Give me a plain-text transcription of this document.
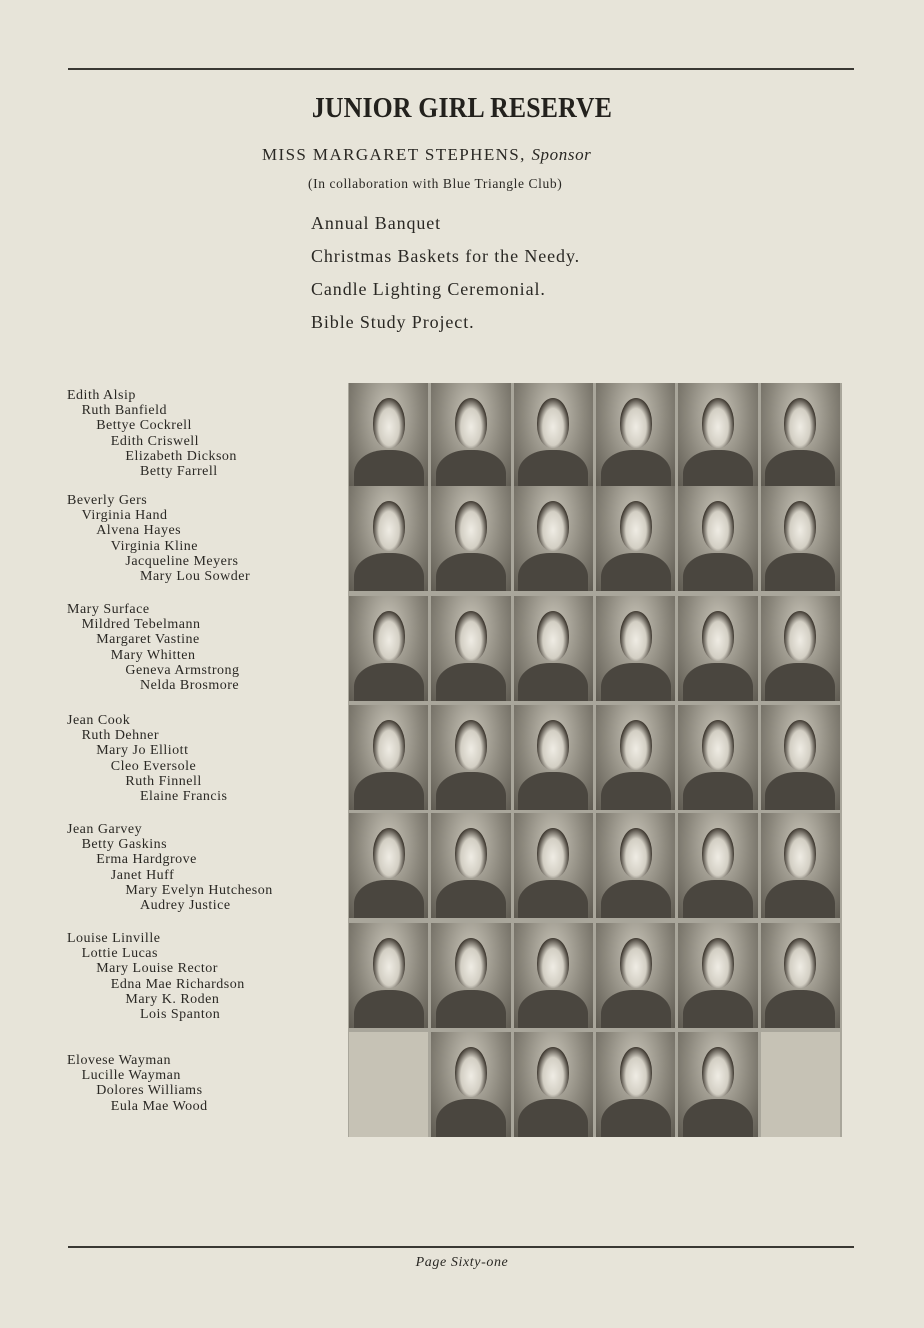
JUNIOR GIRL RESERVE
MISS MARGARET STEPHENS, Sponsor
(In collaboration with Blue Triangle Club)
Annual Banquet
Christmas Baskets for the Needy.
Candle Lighting Ceremonial.
Bible Study Project.
Edith Alsip
Ruth Banfield
Bettye Cockrell
Edith Criswell
Elizabeth Dickson
Betty Farrell
Beverly Gers
Virginia Hand
Alvena Hayes
Virginia Kline
Jacqueline Meyers
Mary Lou Sowder
Mary Surface
Mildred Tebelmann
Margaret Vastine
Mary Whitten
Geneva Armstrong
Nelda Brosmore
Jean Cook
Ruth Dehner
Mary Jo Elliott
Cleo Eversole
Ruth Finnell
Elaine Francis
Jean Garvey
Betty Gaskins
Erma Hardgrove
Janet Huff
Mary Evelyn Hutcheson
Audrey Justice
Louise Linville
Lottie Lucas
Mary Louise Rector
Edna Mae Richardson
Mary K. Roden
Lois Spanton
Elovese Wayman
Lucille Wayman
Dolores Williams
Eula Mae Wood
Page Sixty-one
